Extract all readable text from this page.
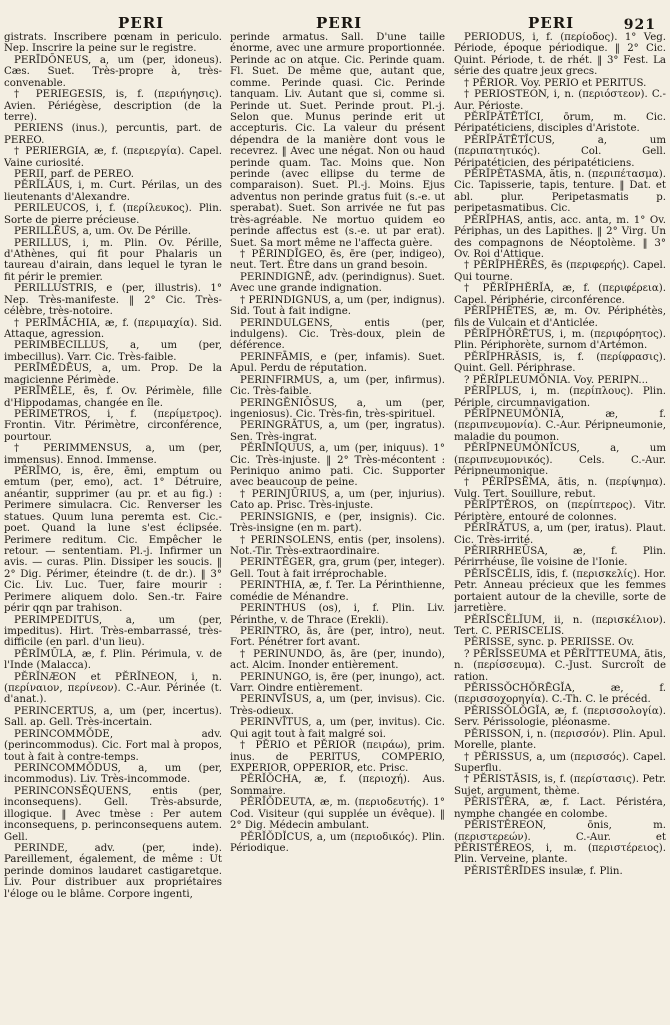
PERI	PERI	PERI	921

gistrats. Inscribere pœnam in periculo. Nep. Inscrire la peine sur le registre.

PERĪDŌNEUS, a, um (per, idoneus). Cæs. Suet. Très-propre à, très-convenable.

† PERIEGESIS, is, f. (περιήγησις). Avien. Périégèse, description (de la terre).

PERIENS (inus.), percuntis, part. de PEREO.

† PERIERGIA, æ, f. (περιεργία). Capel. Vaine curiosité.

PERII, parf. de PEREO.

PĔRĬLĀUS, i, m. Curt. Périlas, un des lieutenants d'Alexandre.

PERILEUCOS, i, f. (περίλευκος). Plin. Sorte de pierre précieuse.

PERILLĒUS, a, um. Ov. De Pérille.

PERILLUS, i, m. Plin. Ov. Pérille, d'Athènes, qui fit pour Phalaris un taureau d'airain, dans lequel le tyran le fit périr le premier.

PERILLUSTRIS, e (per, illustris). 1° Nep. Très-manifeste. ‖ 2° Cic. Très-célèbre, très-notoire.

† PERĪMĀCHIA, æ, f. (περιμαχία). Sid. Attaque, agression.

PERIMBECILLUS, a, um (per, imbecillus). Varr. Cic. Très-faible.

PERĪMĒDĒUS, a, um. Prop. De la magicienne Périmède.

PERĪMĒLE, ēs, f. Ov. Périmèle, fille d'Hippodamas, changée en île.

PERIMETROS, i, f. (περίμετρος). Frontin. Vitr. Périmètre, circonférence, pourtour.

† PERIMMENSUS, a, um (per, immensus). Ennod. Immense.

PĔRĬMO, is, ēre, ēmi, emptum ou emtum (per, emo), act. 1° Détruire, anéantir, supprimer (au pr. et au fig.) : Perimere simulacra. Cic. Renverser les statues. Quum luna peremta est. Cic.-poet. Quand la lune s'est éclipsée. Perimere reditum. Cic. Empêcher le retour. — sententiam. Pl.-j. Infirmer un avis. — curas. Plin. Dissiper les soucis. ‖ 2° Dig. Périmer, éteindre (t. de dr.). ‖ 3° Cic. Liv. Luc. Tuer, faire mourir : Perimere aliquem dolo. Sen.-tr. Faire périr qqn par trahison.

PERIMPEDITUS, a, um (per, impeditus). Hirt. Très-embarrassé, très-difficile (en parl. d'un lieu).

PĔRĬMŪLA, æ, f. Plin. Périmula, v. de l'Inde (Malacca).

PĔRĬNÆON et PĔRĬNEON, i, n. (περίναιον, περίνεον). C.-Aur. Périnée (t. d'anat.).

PERINCERTUS, a, um (per, incertus). Sall. ap. Gell. Très-incertain.

PERINCOMMŎDE, adv. (perincommodus). Cic. Fort mal à propos, tout à fait à contre-temps.

PERINCOMMŎDUS, a, um (per, incommodus). Liv. Très-incommode.

PERINCONSĔQUENS, entis (per, inconsequens). Gell. Très-absurde, illogique. ‖ Avec tmèse : Per autem inconsequens, p. perinconsequens autem. Gell.

PERINDE, adv. (per, inde). Pareillement, également, de même : Ut perinde dominos laudaret castigaretque. Liv. Pour distribuer aux propriétaires l'éloge ou le blâme. Corpore ingenti,

perinde armatus. Sall. D'une taille énorme, avec une armure proportionnée. Perinde ac on atque. Cic. Perinde quam. Fl. Suet. De même que, autant que, comme. Perinde quasi. Cic. Perinde tanquam. Liv. Autant que si, comme si. Perinde ut. Suet. Perinde prout. Pl.-j. Selon que. Munus perinde erit ut accepturis. Cic. La valeur du présent dépendra de la manière dont vous le recevrez. ‖ Avec une négat. Non ou haud perinde quam. Tac. Moins que. Non perinde (avec ellipse du terme de comparaison). Suet. Pl.-j. Moins. Ejus adventus non perinde gratus fuit (s.-e. ut sperabat). Suet. Son arrivée ne fut pas très-agréable. Ne mortuo quidem eo perinde affectus est (s.-e. ut par erat). Suet. Sa mort même ne l'affecta guère.

† PĔRINDĬGEO, ēs, ēre (per, indigeo), neut. Tert. Être dans un grand besoin.

PERINDIGNĒ, adv. (perindignus). Suet. Avec une grande indignation.

† PERINDIGNUS, a, um (per, indignus). Sid. Tout à fait indigne.

PERINDULGENS, entis (per, indulgens). Cic. Très-doux, plein de déférence.

PERINFĀMIS, e (per, infamis). Suet. Apul. Perdu de réputation.

PERINFIRMUS, a, um (per, infirmus). Cic. Très-faible.

PERINGĔNIŌSUS, a, um (per, ingeniosus). Cic. Très-fin, très-spirituel.

PERINGRĀTUS, a, um (per, ingratus). Sen. Très-ingrat.

PĔRĪNĪQUUS, a, um (per, iniquus). 1° Cic. Très-injuste. ‖ 2° Très-mécontent : Periniquo animo pati. Cic. Supporter avec beaucoup de peine.

† PERINJŪRIUS, a, um (per, injurius). Cato ap. Prisc. Très-injuste.

PERINSIGNIS, e (per, insignis). Cic. Très-insigne (en m. part).

† PERINSOLENS, entis (per, insolens). Not.-Tir. Très-extraordinaire.

PERINTĔGER, gra, grum (per, integer). Gell. Tout à fait irréprochable.

PERINTHIA, æ, f. Ter. La Périnthienne, comédie de Ménandre.

PERINTHUS (os), i, f. Plin. Liv. Périnthe, v. de Thrace (Erekli).

PERINTRO, ās, āre (per, intro), neut. Fort. Pénétrer fort avant.

† PERINUNDO, ās, āre (per, inundo), act. Alcim. Inonder entièrement.

PERINUNGO, is, ēre (per, inungo), act. Varr. Oindre entièrement.

PERINVĪSUS, a, um (per, invisus). Cic. Très-odieux.

PERINVĪTUS, a, um (per, invitus). Cic. Qui agit tout à fait malgré soi.

† PĔRIO et PĔRIOR (πειράω), prim. inus. de PERITUS, COMPERIO, EXPERIOR, OPPERIOR, etc. Prisc.

PĔRĬŎCHA, æ, f. (περιοχή). Aus. Sommaire.

PĔRĬŎDEUTA, æ, m. (περιοδευτής). 1° Cod. Visiteur (qui supplée un évêque). ‖ 2° Dig. Médecin ambulant.

PĔRĬŎDĬCUS, a, um (περιοδικός). Plin. Périodique.

PĔRĬŎDUS, i, f. (περίοδος). 1° Veg. Période, époque périodique. ‖ 2° Cic. Quint. Période, t. de rhét. ‖ 3° Fest. La série des quatre jeux grecs.

† PĔRIOR. Voy. PERIO et PERITUS.

† PERIOSTEON, i, n. (περιόστεον). C.-Aur. Périoste.

PĔRĬPĂTĒTĬCI, ōrum, m. Cic. Péripatéticiens, disciples d'Aristote.

PĔRĬPĂTĒTĬCUS, a, um (περιπατητικός). Col. Gell. Péripatéticien, des péripatéticiens.

PĔRĬPĔTASMA, ătis, n. (περιπέτασμα). Cic. Tapisserie, tapis, tenture. ‖ Dat. et abl. plur. Peripetasmatis p. peripetasmatibus. Cic.

PĔRĬPHAS, antis, acc. anta, m. 1° Ov. Périphas, un des Lapithes. ‖ 2° Virg. Un des compagnons de Néoptolème. ‖ 3° Ov. Roi d'Attique.

† PĔRĬPHĔRĒS, ēs (περιφερής). Capel. Qui tourne.

† PĔRĬPHĔRĬA, æ, f. (περιφέρεια). Capel. Périphérie, circonférence.

PĔRĬPHĒTES, æ, m. Ov. Périphétès, fils de Vulcain et d'Anticlée.

PĔRĬPHŎRĒTUS, i, m. (περιφόρητος). Plin. Périphorète, surnom d'Artémon.

PĔRĬPHRĂSIS, is, f. (περίφρασις). Quint. Gell. Périphrase.

? PĔRĬPLEUMŎNIA. Voy. PERIPN...

PĔRĬPLUS, i, m. (περίπλους). Plin. Périple, circumnavigation.

PĔRĬPNEUMŎNIA, æ, f. (περιπνευμονία). C.-Aur. Péripneumonie, maladie du poumon.

PĔRĬPNEUMŎNĬCUS, a, um (περιπνευμονικός). Cels. C.-Aur. Péripneumonique.

† PĔRĬPSĒMA, ătis, n. (περίψημα). Vulg. Tert. Souillure, rebut.

PĔRĬPTĔROS, on (περίπτερος). Vitr. Périptère, entouré de colonnes.

PĔRĬRĀTUS, a, um (per, iratus). Plaut. Cic. Très-irrité.

PĔRIRRHEŪSA, æ, f. Plin. Périrrhéuse, île voisine de l'Ionie.

PĔRĬSCĔLIS, ĭdis, f. (περισκελίς). Hor. Petr. Anneau précieux que les femmes portaient autour de la cheville, sorte de jarretière.

PĔRĬSCĔLĬUM, ii, n. (περισκέλιον). Tert. C. PERISCELIS.

PĔRISSE, sync. p. PERIISSE. Ov.

? PĔRĬSSEUMA et PĔRĬTTEUMA, ătis, n. (περίσσευμα). C.-Just. Surcroît de ration.

PĔRISSŎCHŎRĒGĬA, æ, f. (περισσοχορηγία). C.-Th. C. le précéd.

PĔRISSŎLŎGĬA, æ, f. (περισσολογία). Serv. Périssologie, pléonasme.

PĔRISSON, i, n. (περισσόν). Plin. Apul. Morelle, plante.

† PĔRISSUS, a, um (περισσός). Capel. Superflu.

† PĔRISTĀSIS, is, f. (περίστασις). Petr. Sujet, argument, thème.

PĔRISTĔRA, æ, f. Lact. Péristéra, nymphe changée en colombe.

PĔRISTĔREON, ōnis, m. (περιστερεών). C.-Aur. et PĔRISTĔREOS, i, m. (περιστέρειος). Plin. Verveine, plante.

PĔRISTĔRĪDES insulæ, f. Plin.
